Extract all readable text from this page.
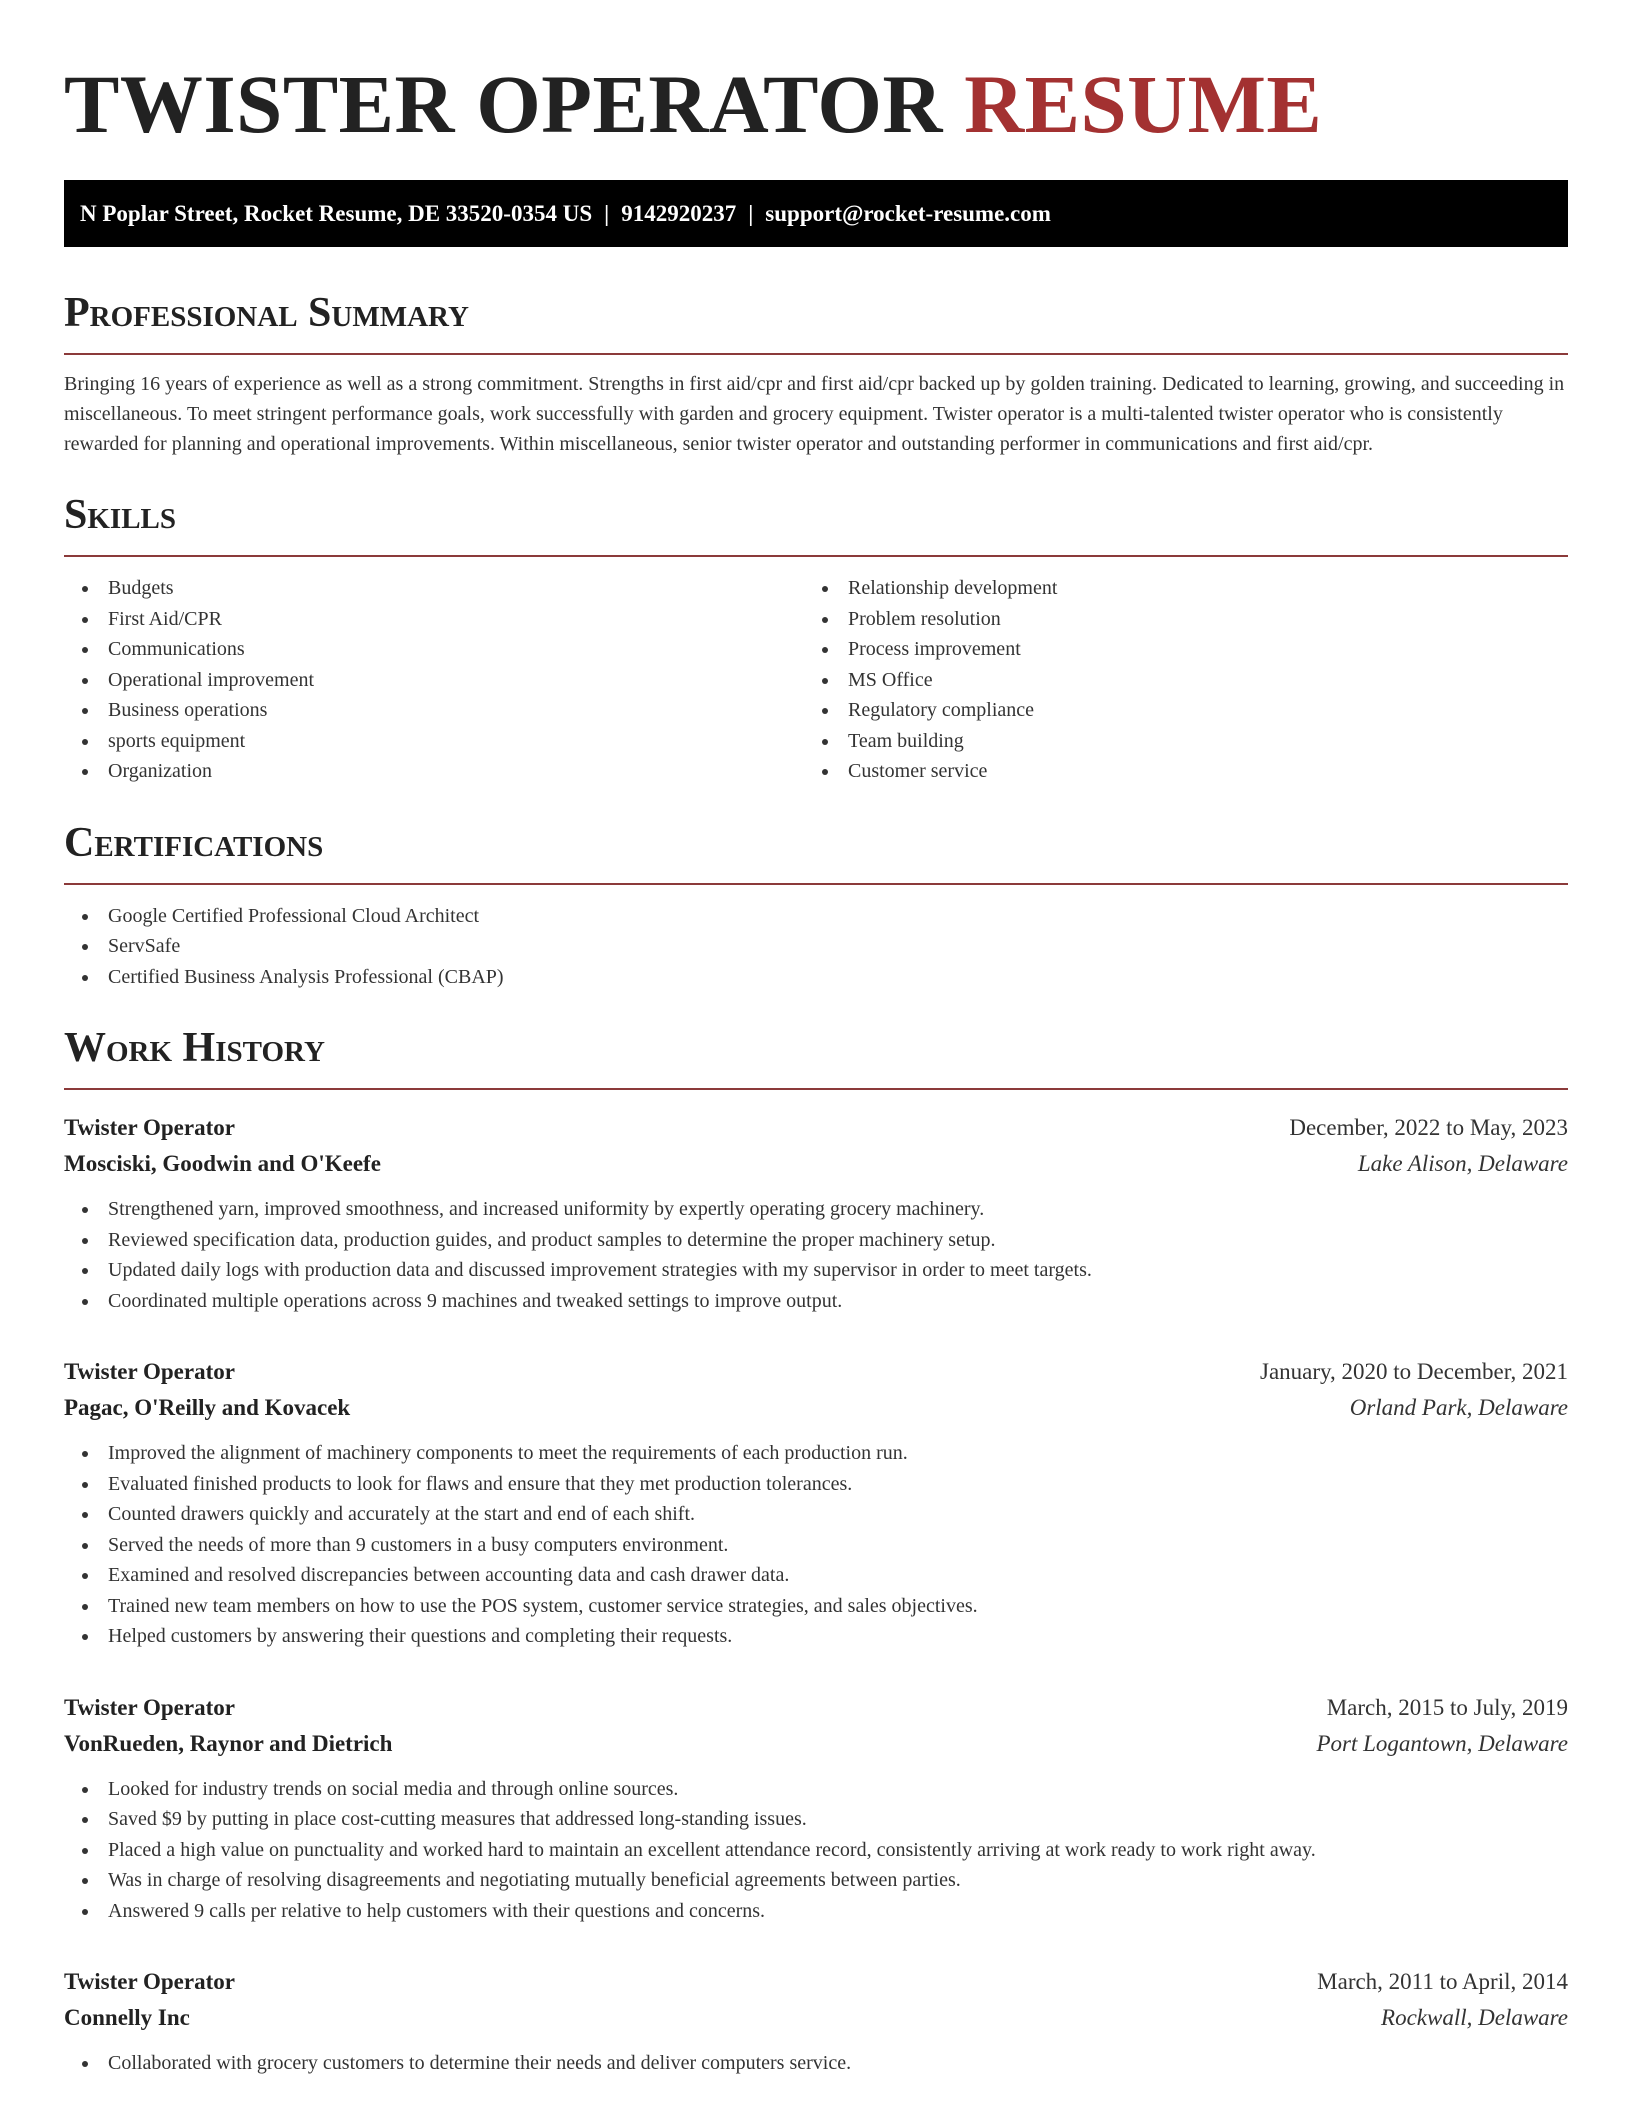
TWISTER OPERATOR RESUME
N Poplar Street, Rocket Resume, DE 33520-0354 US | 9142920237 | support@rocket-resume.com
Professional Summary

Bringing 16 years of experience as well as a strong commitment. Strengths in first aid/cpr and first aid/cpr backed up by golden training. Dedicated to learning, growing, and succeeding in miscellaneous. To meet stringent performance goals, work successfully with garden and grocery equipment. Twister operator is a multi-talented twister operator who is consistently rewarded for planning and operational improvements. Within miscellaneous, senior twister operator and outstanding performer in communications and first aid/cpr.

Skills
Budgets
First Aid/CPR
Communications
Operational improvement
Business operations
sports equipment
Organization
Relationship development
Problem resolution
Process improvement
MS Office
Regulatory compliance
Team building
Customer service
Certifications
Google Certified Professional Cloud Architect
ServSafe
Certified Business Analysis Professional (CBAP)
Work History
Twister Operator	December, 2022 to May, 2023
Mosciski, Goodwin and O'Keefe	Lake Alison, Delaware
Strengthened yarn, improved smoothness, and increased uniformity by expertly operating grocery machinery.
Reviewed specification data, production guides, and product samples to determine the proper machinery setup.
Updated daily logs with production data and discussed improvement strategies with my supervisor in order to meet targets.
Coordinated multiple operations across 9 machines and tweaked settings to improve output.
Twister Operator	January, 2020 to December, 2021
Pagac, O'Reilly and Kovacek	Orland Park, Delaware
Improved the alignment of machinery components to meet the requirements of each production run.
Evaluated finished products to look for flaws and ensure that they met production tolerances.
Counted drawers quickly and accurately at the start and end of each shift.
Served the needs of more than 9 customers in a busy computers environment.
Examined and resolved discrepancies between accounting data and cash drawer data.
Trained new team members on how to use the POS system, customer service strategies, and sales objectives.
Helped customers by answering their questions and completing their requests.
Twister Operator	March, 2015 to July, 2019
VonRueden, Raynor and Dietrich	Port Logantown, Delaware
Looked for industry trends on social media and through online sources.
Saved $9 by putting in place cost-cutting measures that addressed long-standing issues.
Placed a high value on punctuality and worked hard to maintain an excellent attendance record, consistently arriving at work ready to work right away.
Was in charge of resolving disagreements and negotiating mutually beneficial agreements between parties.
Answered 9 calls per relative to help customers with their questions and concerns.
Twister Operator	March, 2011 to April, 2014
Connelly Inc	Rockwall, Delaware
Collaborated with grocery customers to determine their needs and deliver computers service.
